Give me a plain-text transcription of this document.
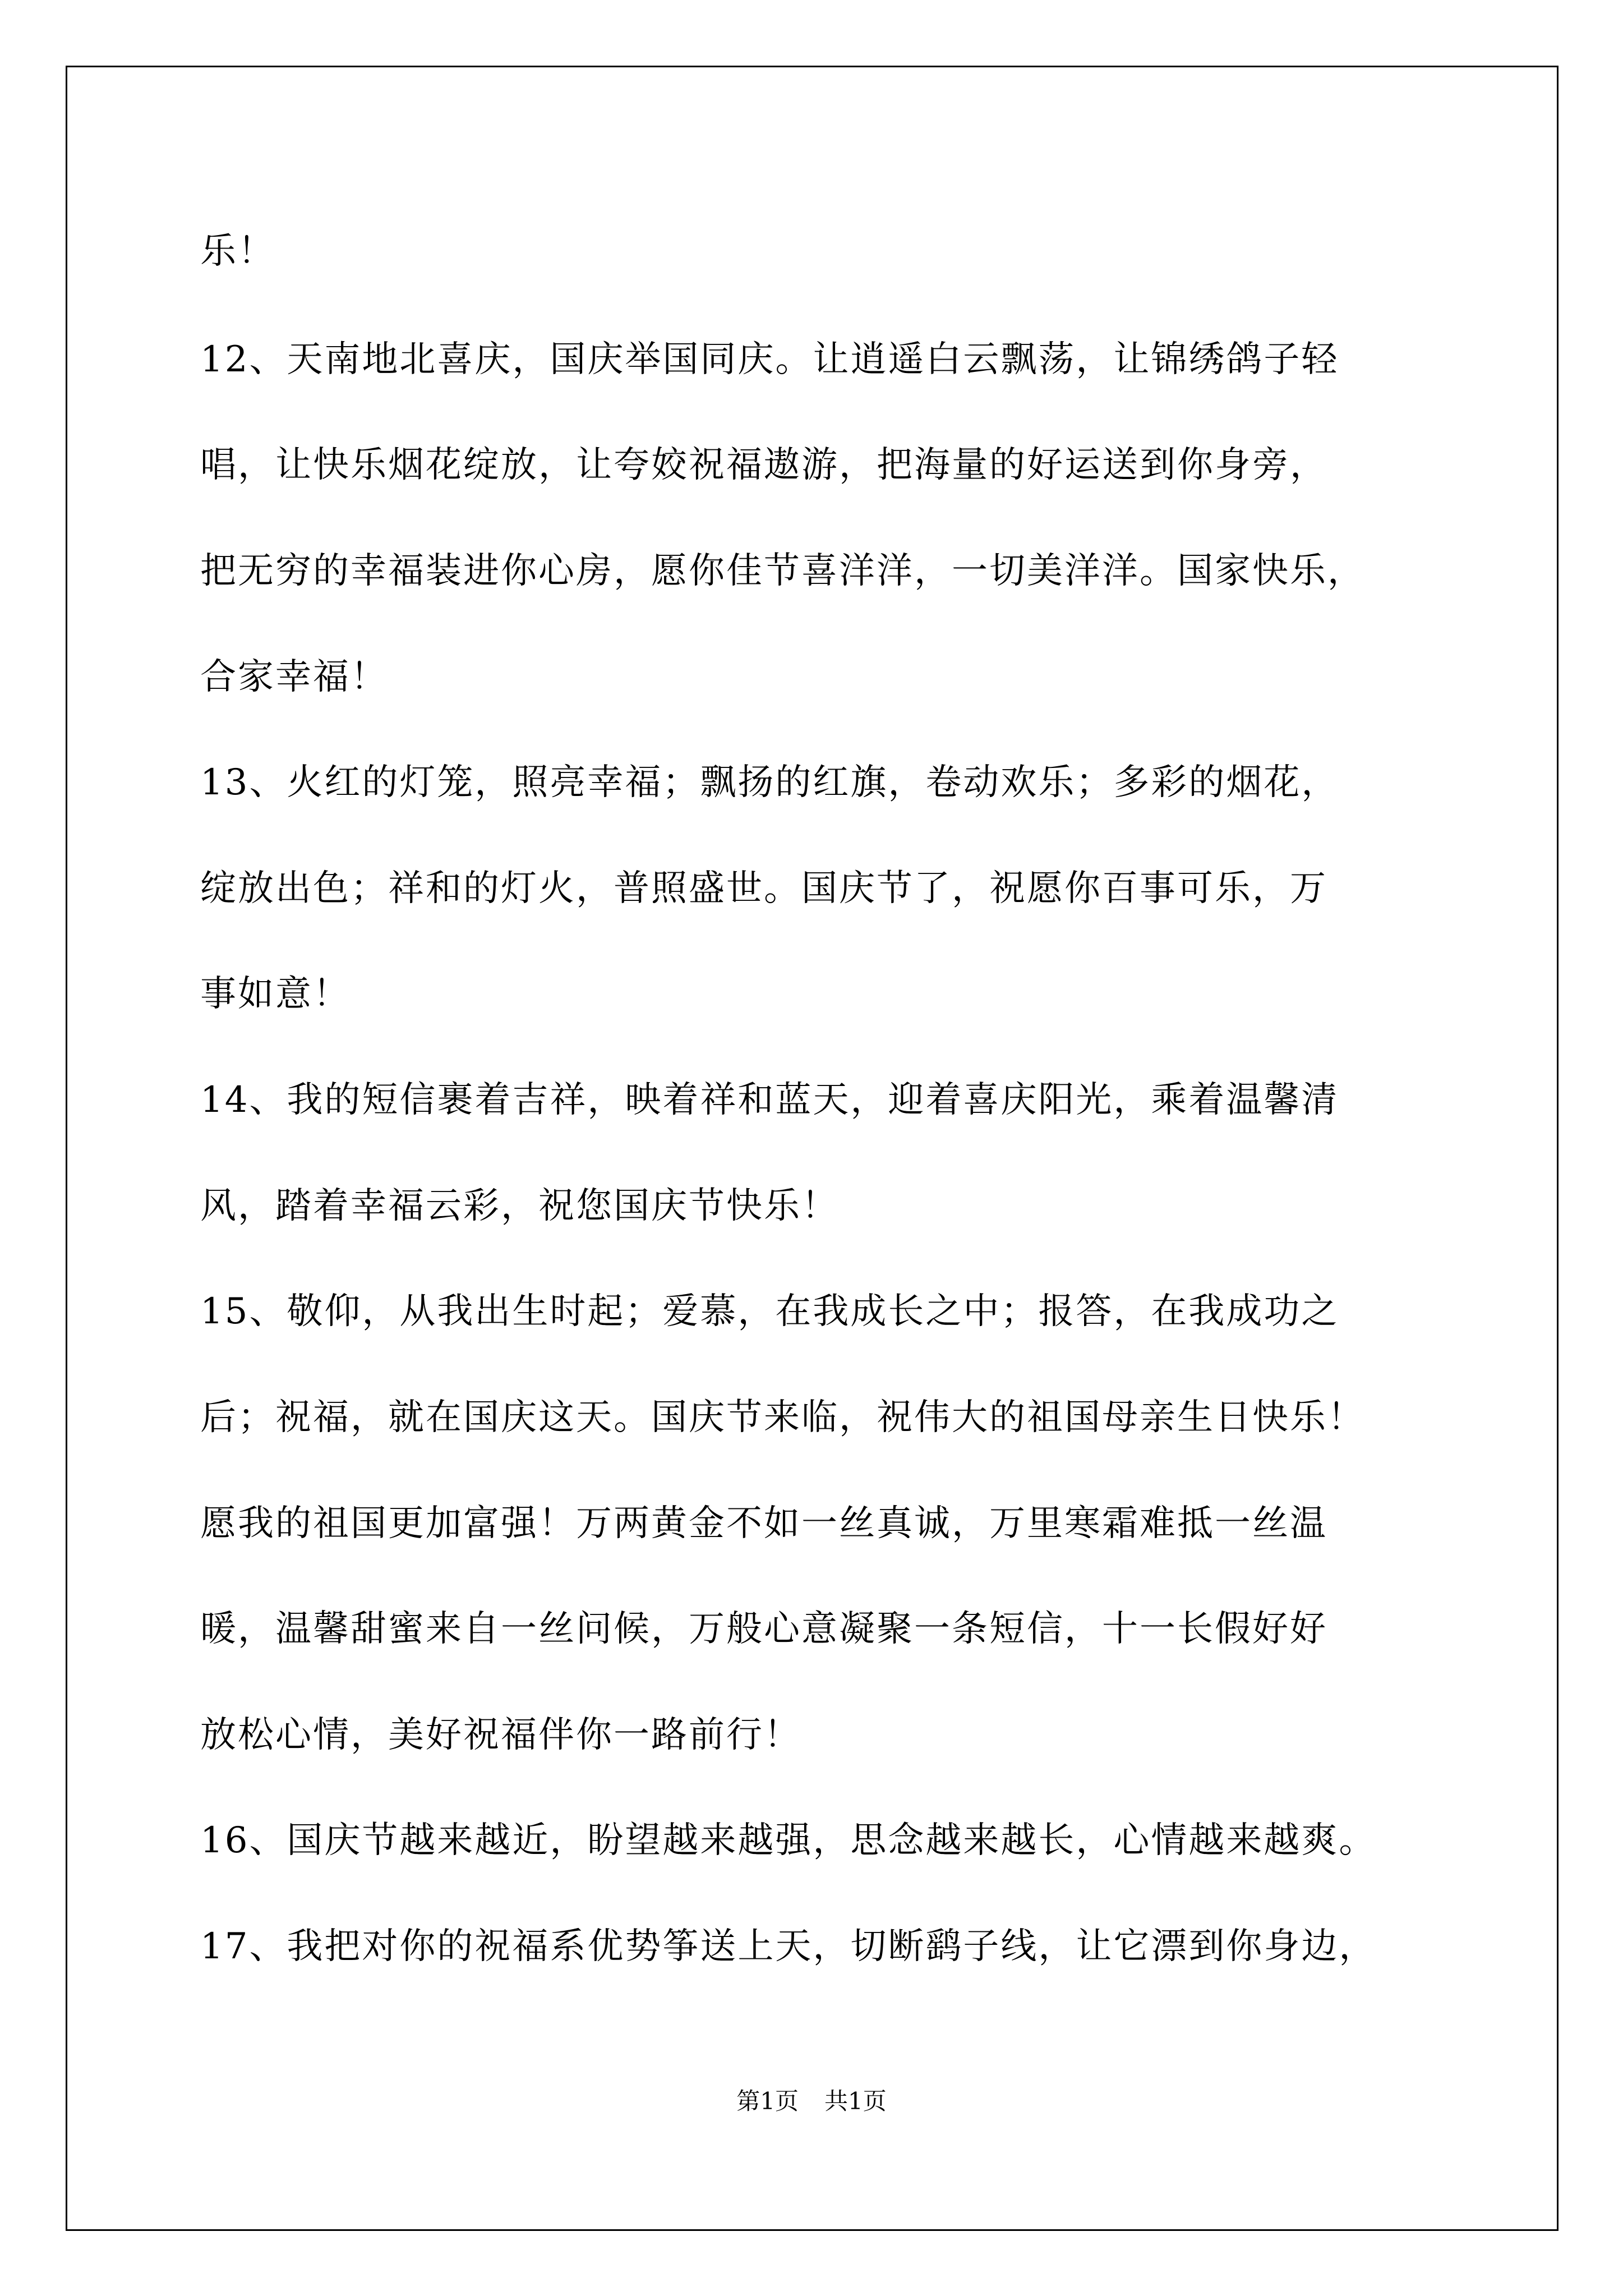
乐！

12、天南地北喜庆，国庆举国同庆。让逍遥白云飘荡，让锦绣鸽子轻

唱，让快乐烟花绽放，让夸姣祝福遨游，把海量的好运送到你身旁，

把无穷的幸福装进你心房，愿你佳节喜洋洋，一切美洋洋。国家快乐，

合家幸福！

13、火红的灯笼，照亮幸福；飘扬的红旗，卷动欢乐；多彩的烟花，

绽放出色；祥和的灯火，普照盛世。国庆节了，祝愿你百事可乐，万

事如意！

14、我的短信裹着吉祥，映着祥和蓝天，迎着喜庆阳光，乘着温馨清

风，踏着幸福云彩，祝您国庆节快乐！

15、敬仰，从我出生时起；爱慕，在我成长之中；报答，在我成功之

后；祝福，就在国庆这天。国庆节来临，祝伟大的祖国母亲生日快乐！

愿我的祖国更加富强！万两黄金不如一丝真诚，万里寒霜难抵一丝温

暖，温馨甜蜜来自一丝问候，万般心意凝聚一条短信，十一长假好好

放松心情，美好祝福伴你一路前行！

16、国庆节越来越近，盼望越来越强，思念越来越长，心情越来越爽。

17、我把对你的祝福系优势筝送上天，切断鹞子线，让它漂到你身边，

第1页 共1页
